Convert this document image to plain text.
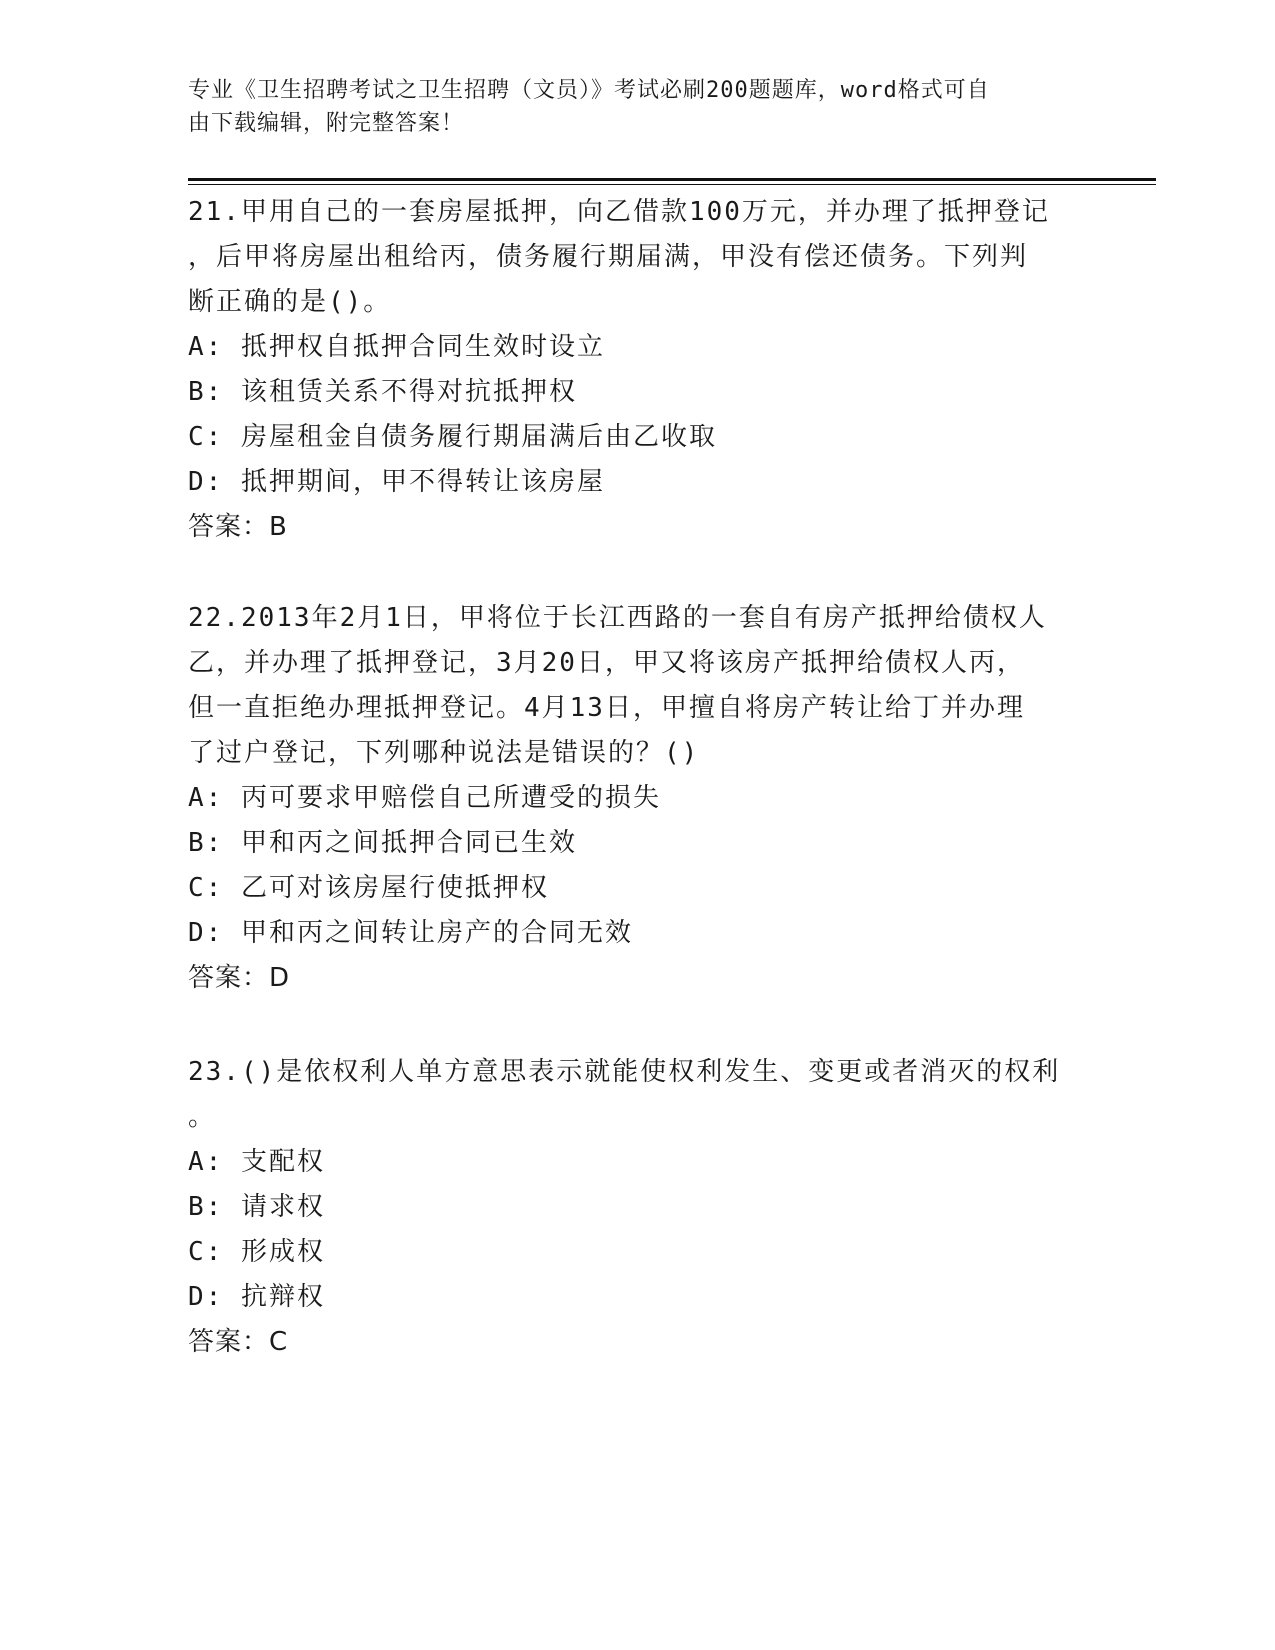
专业《卫生招聘考试之卫生招聘（文员）》考试必刷200题题库，word格式可自
由下载编辑，附完整答案！
21.甲用自己的一套房屋抵押，向乙借款100万元，并办理了抵押登记
，后甲将房屋出租给丙，债务履行期届满，甲没有偿还债务。下列判
断正确的是()。
A: 抵押权自抵押合同生效时设立
B: 该租赁关系不得对抗抵押权
C: 房屋租金自债务履行期届满后由乙收取
D: 抵押期间，甲不得转让该房屋
答案：B
22.2013年2月1日，甲将位于长江西路的一套自有房产抵押给债权人
乙，并办理了抵押登记，3月20日，甲又将该房产抵押给债权人丙，
但一直拒绝办理抵押登记。4月13日，甲擅自将房产转让给丁并办理
了过户登记，下列哪种说法是错误的？()
A: 丙可要求甲赔偿自己所遭受的损失
B: 甲和丙之间抵押合同已生效
C: 乙可对该房屋行使抵押权
D: 甲和丙之间转让房产的合同无效
答案：D
23.()是依权利人单方意思表示就能使权利发生、变更或者消灭的权利
。
A: 支配权
B: 请求权
C: 形成权
D: 抗辩权
答案：C
